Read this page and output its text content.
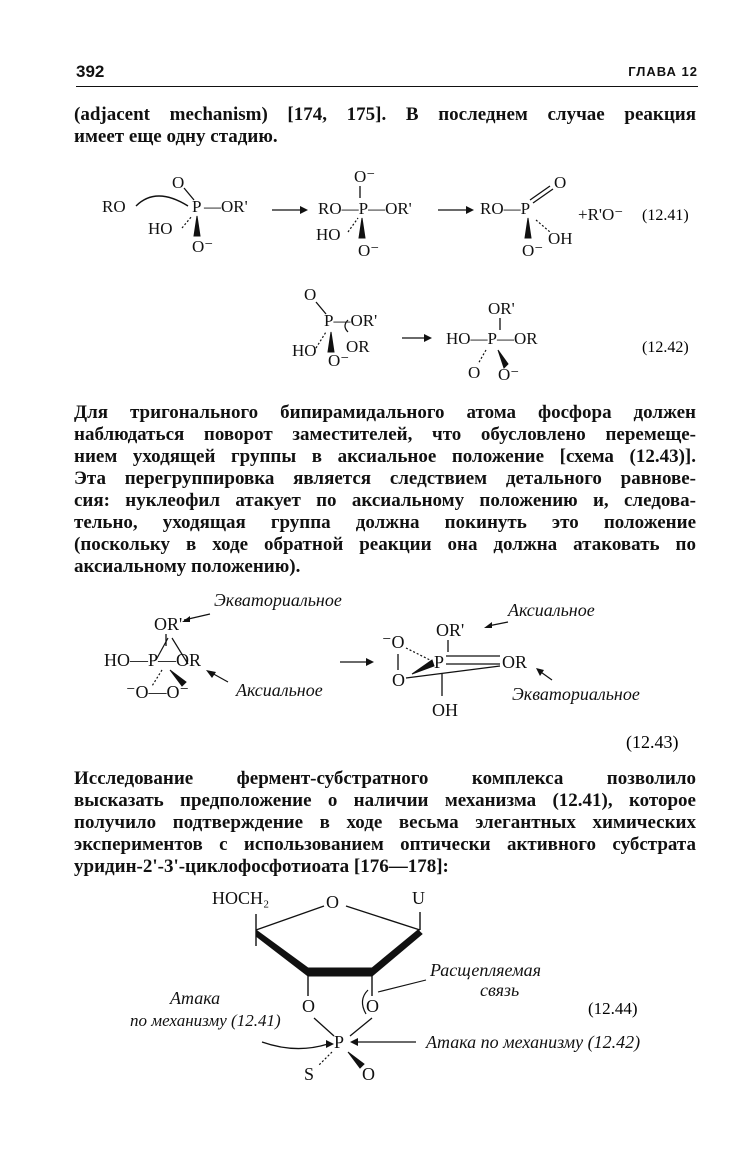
392	ГЛАВА 12
(adjacent mechanism) [174, 175]. В последнем случае реакция
имеет еще одну стадию.
RO
O
P —OR'
HO
O⁻
O⁻
RO—P—OR'
HO
O⁻
RO—P
O
+R'O⁻
OH
O⁻
(12.41)
O
P—OR'
HO OR
O⁻
OR'
HO—P—OR
O O⁻
(12.42)
Для тригонального бипирамидального атома фосфора должен
наблюдаться поворот заместителей, что обусловлено перемеще-
нием уходящей группы в аксиальное положение [схема (12.43)].
Эта перегруппировка является следствием детального равнове-
сия: нуклеофил атакует по аксиальному положению и, следова-
тельно, уходящая группа должна покинуть это положение
(поскольку в ходе обратной реакции она должна атаковать по
аксиальному положению).
Экваториальное
OR'
HO—P—OR
⁻O—O⁻	Аксиальное
Аксиальное
OR'
⁻O
P	OR
O
OH
Экваториальное
(12.43)
Исследование фермент-субстратного комплекса позволило
высказать предположение о наличии механизма (12.41), которое
получило подтверждение в ходе весьма элегантных химических
экспериментов с использованием оптически активного субстрата
уридин-2'-3'-циклофосфотиоата [176—178]:
HOCH₂	O	U
Расщепляемая
связь
Атака
по механизму (12.41)
O	O
P
S	O
Атака по механизму (12.42)
(12.44)
